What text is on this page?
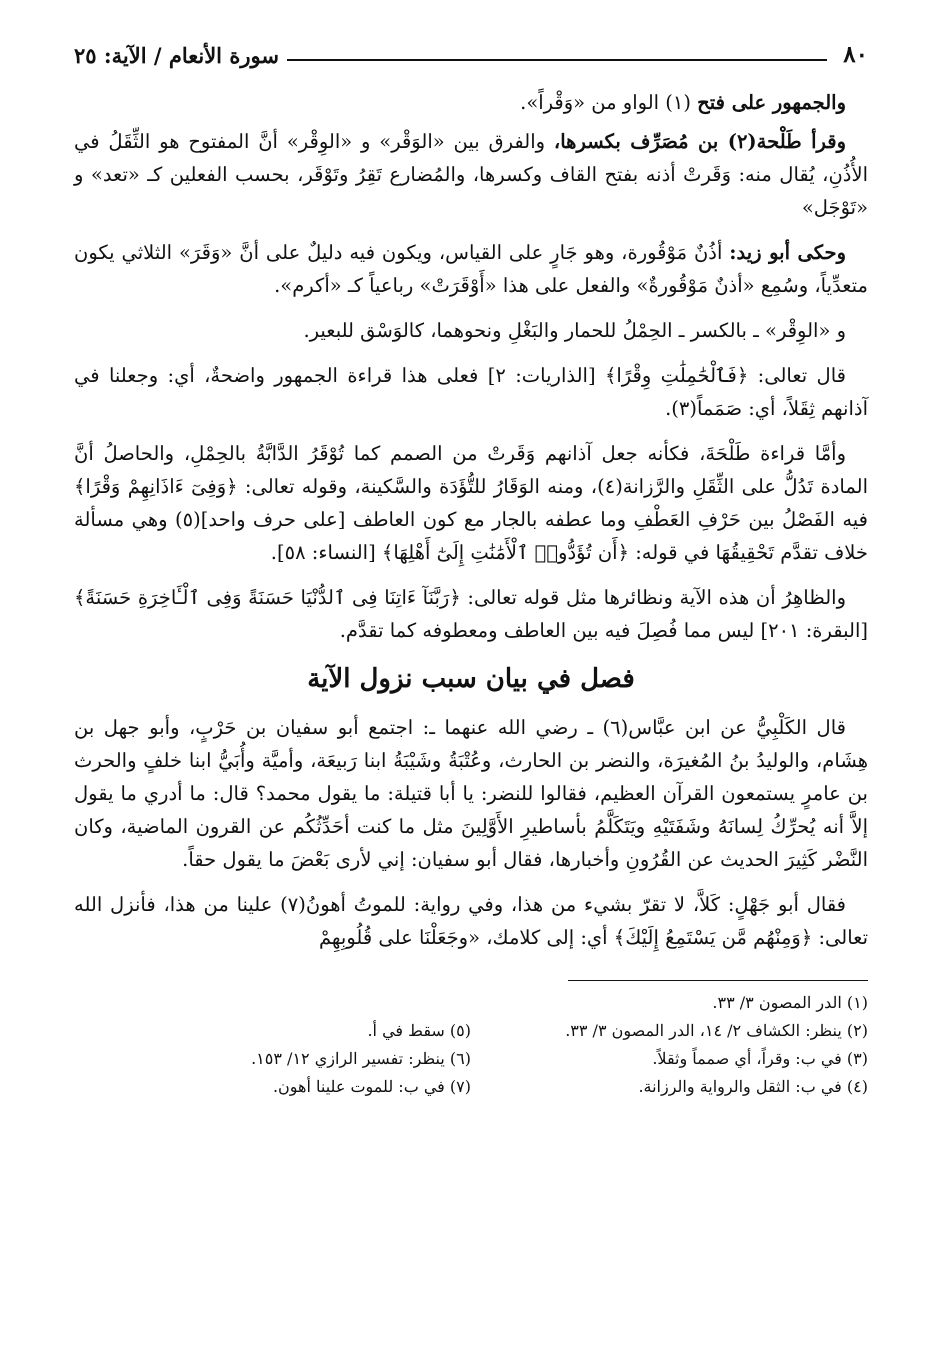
٨٠
سورة الأنعام / الآية: ٢٥

والجمهور على فتح (١) الواو من «وَقْراً».

وقرأ طَلْحة(٢) بن مُصَرِّف بكسرها، والفرق بين «الوَقْر» و «الوِقْر» أنَّ المفتوح هو الثِّقَلُ في الأُذُنِ، يُقال منه: وَقَرتْ أذنه بفتح القاف وكسرها، والمُضارع تَقِرُ وتَوْقَر، بحسب الفعلين كـ «تعد» و «تَوْجَل»

وحكى أبو زيد: أذُنٌ مَوْقُورة، وهو جَارٍ على القياس، ويكون فيه دليلٌ على أنَّ «وَقَرَ» الثلاثي يكون متعدِّياً، وسُمِع «أذنٌ مَوْقُورةٌ» والفعل على هذا «أَوْقَرَتْ» رباعياً كـ «أكرم».

و «الوِقْر» ـ بالكسر ـ الحِمْلُ للحمار والبَغْلِ ونحوهما، كالوَسْق للبعير.

قال تعالى: ﴿فَٱلْحَٰمِلَٰتِ وِقْرًا﴾ [الذاريات: ٢] فعلى هذا قراءة الجمهور واضحةٌ، أي: وجعلنا في آذانهم ثِقَلاً، أي: صَمَماً(٣).

وأمَّا قراءة طَلْحَةَ، فكأنه جعل آذانهم وَقَرتْ من الصمم كما تُوْقَرُ الدَّابَّةُ بالحِمْلِ، والحاصلُ أنَّ المادة تَدُلُّ على الثِّقَلِ والرَّزانة(٤)، ومنه الوَقَارُ للتُّؤَدَة والسَّكينة، وقوله تعالى: ﴿وَفِىٓ ءَاذَانِهِمْ وَقْرًا﴾ فيه الفَصْلُ بين حَرْفِ العَطْفِ وما عطفه بالجار مع كون العاطف [على حرف واحد](٥) وهي مسألة خلاف تقدَّم تَحْقِيقُهَا في قوله: ﴿أَن تُؤَدُّوا۟ ٱلْأَمَٰنَٰتِ إِلَىٰٓ أَهْلِهَا﴾ [النساء: ٥٨].

والظاهِرُ أن هذه الآية ونظائرها مثل قوله تعالى: ﴿رَبَّنَآ ءَاتِنَا فِى ٱلدُّنْيَا حَسَنَةً وَفِى ٱلْـَٔاخِرَةِ حَسَنَةً﴾ [البقرة: ٢٠١] ليس مما فُصِلَ فيه بين العاطف ومعطوفه كما تقدَّم.

فصل في بيان سبب نزول الآية

قال الكَلْبِيُّ عن ابن عبَّاس(٦) ـ رضي الله عنهما ـ: اجتمع أبو سفيان بن حَرْبٍ، وأبو جهل بن هِشَام، والوليدُ بنُ المُغيرَة، والنضر بن الحارث، وعُتْبَةُ وشَيْبَةُ ابنا رَبيعَة، وأميَّة وأُبَيُّ ابنا خلفٍ والحرث بن عامرٍ يستمعون القرآن العظيم، فقالوا للنضر: يا أبا قتيلة: ما يقول محمد؟ قال: ما أدري ما يقول إلاَّ أنه يُحرِّكُ لِسانَهُ وشَفَتَيْهِ ويَتَكَلَّمُ بأساطيرِ الأَوَّلِينَ مثل ما كنت أحَدِّثُكُم عن القرون الماضية، وكان النَّضْر كَثِيرَ الحديث عن القُرُونِ وأخبارها، فقال أبو سفيان: إني لأرى بَعْضَ ما يقول حقاً.

فقال أبو جَهْلٍ: كَلاَّ، لا تقرّ بشيء من هذا، وفي رواية: للموتُ أهونُ(٧) علينا من هذا، فأنزل الله تعالى: ﴿وَمِنْهُم مَّن يَسْتَمِعُ إِلَيْكَ﴾ أي: إلى كلامك، «وجَعَلْنَا على قُلُوبِهِمْ

(١) الدر المصون ٣/ ٣٣.
(٢) ينظر: الكشاف ٢/ ١٤، الدر المصون ٣/ ٣٣.
(٥) سقط في أ.
(٣) في ب: وقراً، أي صمماً وثقلاً.
(٦) ينظر: تفسير الرازي ١٢/ ١٥٣.
(٤) في ب: الثقل والرواية والرزانة.
(٧) في ب: للموت علينا أهون.
